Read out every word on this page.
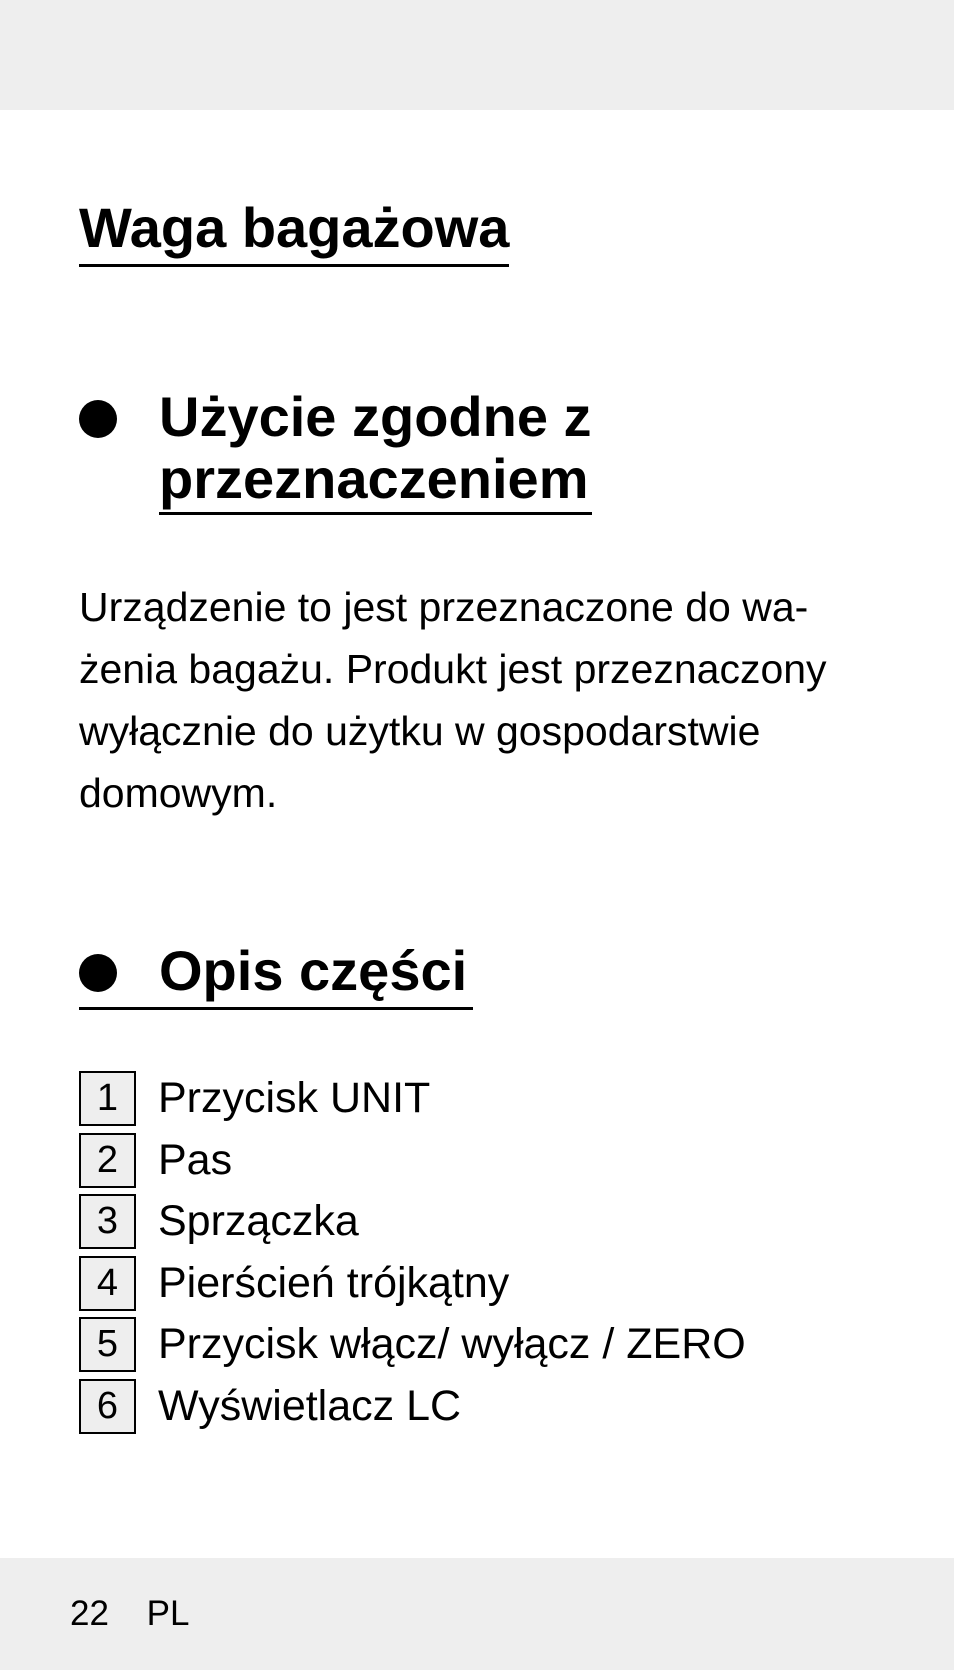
Waga bagażowa
Użycie zgodne z
przeznaczeniem
Urządzenie to jest przeznaczone do wa-
żenia bagażu. Produkt jest przeznaczony
wyłącznie do użytku w gospodarstwie
domowym.
Opis części
1 Przycisk UNIT
2 Pas
3 Sprzączka
4 Pierścień trójkątny
5 Przycisk włącz/ wyłącz / ZERO
6 Wyświetlacz LC
22 PL
